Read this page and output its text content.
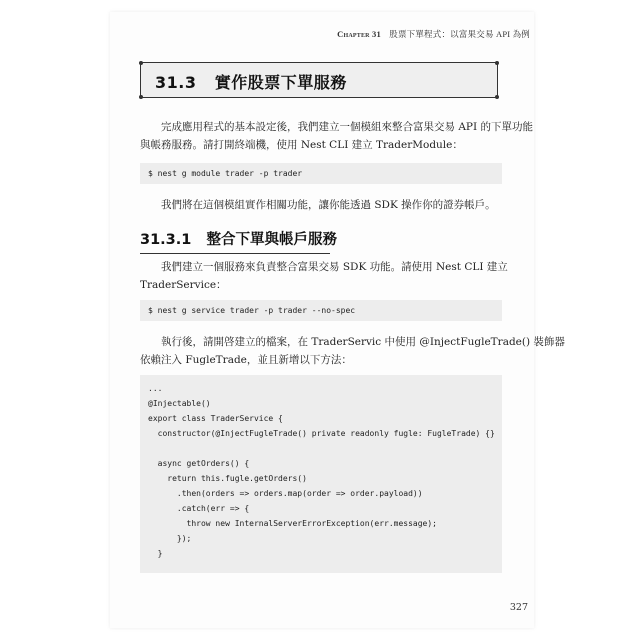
Chapter 31 股票下單程式：以富果交易 API 為例
31.3   實作股票下單服務
完成應用程式的基本設定後，我們建立一個模組來整合富果交易 API 的下單功能
與帳務服務。請打開終端機，使用 Nest CLI 建立 TraderModule：
$ nest g module trader -p trader
我們將在這個模組實作相關功能，讓你能透過 SDK 操作你的證券帳戶。
31.3.1   整合下單與帳戶服務
我們建立一個服務來負責整合富果交易 SDK 功能。請使用 Nest CLI 建立
TraderService：
$ nest g service trader -p trader --no-spec
執行後，請開啓建立的檔案，在 TraderServic 中使用 @InjectFugleTrade() 裝飾器
依賴注入 FugleTrade，並且新增以下方法：
...
@Injectable()
export class TraderService {
constructor(@InjectFugleTrade() private readonly fugle: FugleTrade) {}
async getOrders() {
return this.fugle.getOrders()
.then(orders => orders.map(order => order.payload))
.catch(err => {
throw new InternalServerErrorException(err.message);
});
}
327
